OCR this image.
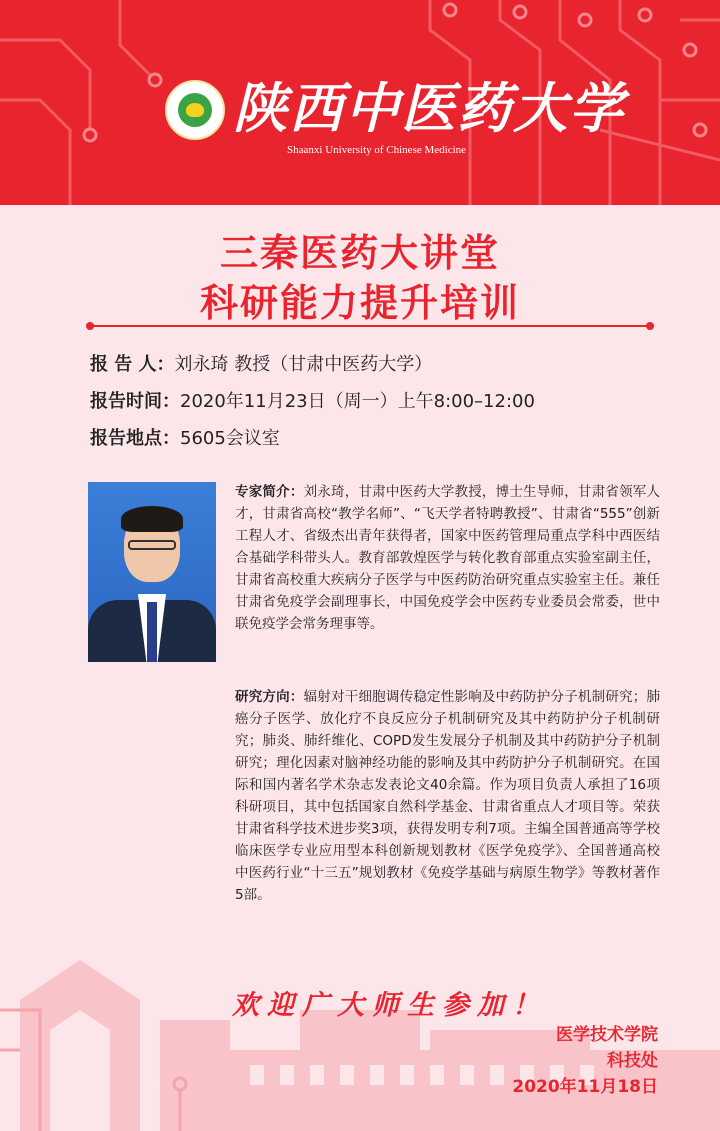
陕西中医药大学
Shaanxi University of Chinese Medicine
三秦医药大讲堂
科研能力提升培训
报 告 人：刘永琦 教授（甘肃中医药大学）
报告时间：2020年11月23日（周一）上午8:00–12:00
报告地点：5605会议室
专家简介：刘永琦，甘肃中医药大学教授，博士生导师，甘肃省领军人才，甘肃省高校“教学名师”、“飞天学者特聘教授”、甘肃省“555”创新工程人才、省级杰出青年获得者，国家中医药管理局重点学科中西医结合基础学科带头人。教育部敦煌医学与转化教育部重点实验室副主任，甘肃省高校重大疾病分子医学与中医药防治研究重点实验室主任。兼任甘肃省免疫学会副理事长，中国免疫学会中医药专业委员会常委，世中联免疫学会常务理事等。
研究方向：辐射对干细胞调传稳定性影响及中药防护分子机制研究；肺癌分子医学、放化疗不良反应分子机制研究及其中药防护分子机制研究；肺炎、肺纤维化、COPD发生发展分子机制及其中药防护分子机制研究；理化因素对脑神经功能的影响及其中药防护分子机制研究。在国际和国内著名学术杂志发表论文40余篇。作为项目负责人承担了16项科研项目，其中包括国家自然科学基金、甘肃省重点人才项目等。荣获甘肃省科学技术进步奖3项，获得发明专利7项。主编全国普通高等学校临床医学专业应用型本科创新规划教材《医学免疫学》、全国普通高校中医药行业“十三五”规划教材《免疫学基础与病原生物学》等教材著作5部。
欢迎广大师生参加！
医学技术学院
科技处
2020年11月18日
